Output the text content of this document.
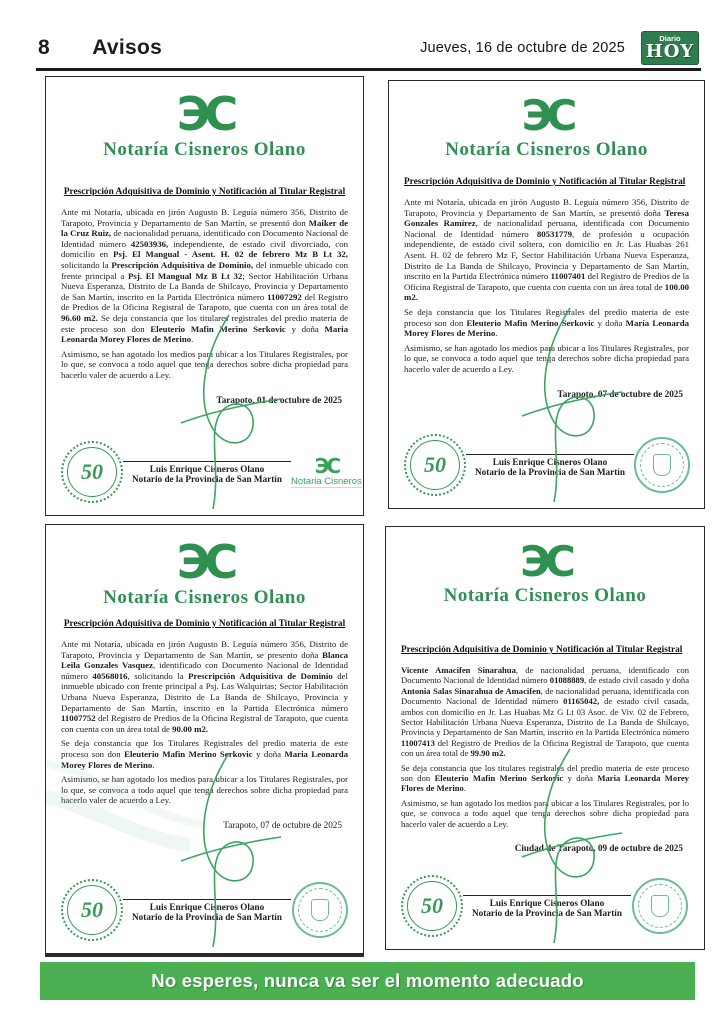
8 Avisos	Jueves, 16 de octubre de 2025
Diario
HOY
ЭC
Notaría Cisneros Olano
Prescripción Adquisitiva de Dominio y Notificación al Titular Registral

Ante mi Notaria, ubicada en jirón Augusto B. Leguía número 356, Distrito de Tarapoto, Provincia y Departamento de San Martín, se presentó don Maiker de la Cruz Ruiz, de nacionalidad peruana, identificado con Documento Nacional de Identidad número 42503936, independiente, de estado civil divorciado, con domicilio en Psj. El Mangual - Asent. H. 02 de febrero Mz B Lt 32, solicitando la Prescripción Adquisitiva de Dominio, del inmueble ubicado con frente principal a Psj. El Mangual Mz B Lt 32; Sector Habilitación Urbana Nueva Esperanza, Distrito de La Banda de Shilcayo, Provincia y Departamento de San Martín, inscrito en la Partida Electrónica número 11007292 del Registro de Predios de la Oficina Registral de Tarapoto, que cuenta con un área total de 96.60 m2. Se deja constancia que los titulares registrales del predio materia de este proceso son don Eleuterio Mafin Merino Serkovic y doña Maria Leonarda Morey Flores de Merino.

Asimismo, se han agotado los medios para ubicar a los Titulares Registrales, por lo que, se convoca a todo aquel que tenga derechos sobre dicha propiedad para hacerlo valer de acuerdo a Ley.

Tarapoto, 01 de octubre de 2025
50	Luis Enrique Cisneros Olano
Notario de la Provincia de San Martín
ЭC
Notaria Cisneros
ЭC
Notaría Cisneros Olano
Prescripción Adquisitiva de Dominio y Notificación al Titular Registral

Ante mi Notaría, ubicada en jirón Augusto B. Leguía número 356, Distrito de Tarapoto, Provincia y Departamento de San Martín, se presentó doña Teresa Gonzales Ramírez, de nacionalidad peruana, identificada con Documento Nacional de Identidad número 80531779, de profesión u ocupación independiente, de estado civil soltera, con domicilio en Jr. Las Huabas 261 Asent. H. 02 de febrero Mz F, Sector Habilitación Urbana Nueva Esperanza, Distrito de La Banda de Shilcayo, Provincia y Departamento de San Martín, inscrito en la Partida Electrónica número 11007401 del Registro de Predios de la Oficina Registral de Tarapoto, que cuenta con cuenta con un área total de 100.00 m2.

Se deja constancia que los Titulares Registrales del predio materia de este proceso son don Eleuterio Mafin Merino Serkovic y doña María Leonarda Morey Flores de Merino.

Asimismo, se han agotado los medios para ubicar a los Titulares Registrales, por lo que, se convoca a todo aquel que tenga derechos sobre dicha propiedad para hacerlo valer de acuerdo a Ley.

Tarapoto, 07 de octubre de 2025
50	Luis Enrique Cisneros Olano
Notario de la Provincia de San Martín
ЭC
Notaría Cisneros Olano
Prescripción Adquisitiva de Dominio y Notificación al Titular Registral

Ante mi Notaría, ubicada en jirón Augusto B. Leguía número 356, Distrito de Tarapoto, Provincia y Departamento de San Martín, se presento doña Blanca Leila Gonzales Vasquez, identificado con Documento Nacional de Identidad número 40568016, solicitando la Prescripción Adquisitiva de Dominio del inmueble ubicado con frente principal a Psj. Las Walquirias; Sector Habilitación Urbana Nueva Esperanza, Distrito de La Banda de Shilcayo, Provincia y Departamento de San Martín, inscrito en la Partida Electrónica número 11007752 del Registro de Predios de la Oficina Registral de Tarapoto, que cuenta con cuenta con un área total de 90.00 m2.

Se deja constancia que los Titulares Registrales del predio materia de este proceso son don Eleuterio Mafin Merino Serkovic y doña Maria Leonarda Morey Flores de Merino.

Asimismo, se han agotado los medios para ubicar a los Titulares Registrales, por lo que, se convoca a todo aquel que tenga derechos sobre dicha propiedad para hacerlo valer de acuerdo a Ley.

Tarapoto, 07 de octubre de 2025
50	Luis Enrique Cisneros Olano
Notario de la Provincia de San Martín
ЭC
Notaría Cisneros Olano
Prescripción Adquisitiva de Dominio y Notificación al Titular Registral

Vicente Amacifen Sinarahua, de nacionalidad peruana, identificado con Documento Nacional de Identidad número 01088889, de estado civil casado y doña Antonia Salas Sinarahua de Amacifen, de nacionalidad peruana, identificada con Documento Nacional de Identidad número 01165042, de estado civil casada, ambos con domicilio en Jr. Las Huabas Mz G Lt 03 Asoc. de Viv. 02 de Febrero, Sector Habilitación Urbana Nueva Esperanza, Distrito de La Banda de Shilcayo, Provincia y Departamento de San Martín, inscrito en la Partida Electrónica número 11007413 del Registro de Predios de la Oficina Registral de Tarapoto, que cuenta con un área total de 99.90 m2.

Se deja constancia que los titulares registrales del predio materia de este proceso son don Eleuterio Mafin Merino Serkovic y doña Maria Leonarda Morey Flores de Merino.

Asimismo, se han agotado los medios para ubicar a los Titulares Registrales, por lo que, se convoca a todo aquel que tenga derechos sobre dicha propiedad para hacerlo valer de acuerdo a Ley.

Ciudad de Tarapoto, 09 de octubre de 2025
50	Luis Enrique Cisneros Olano
Notario de la Provincia de San Martín
No esperes, nunca va ser el momento adecuado
